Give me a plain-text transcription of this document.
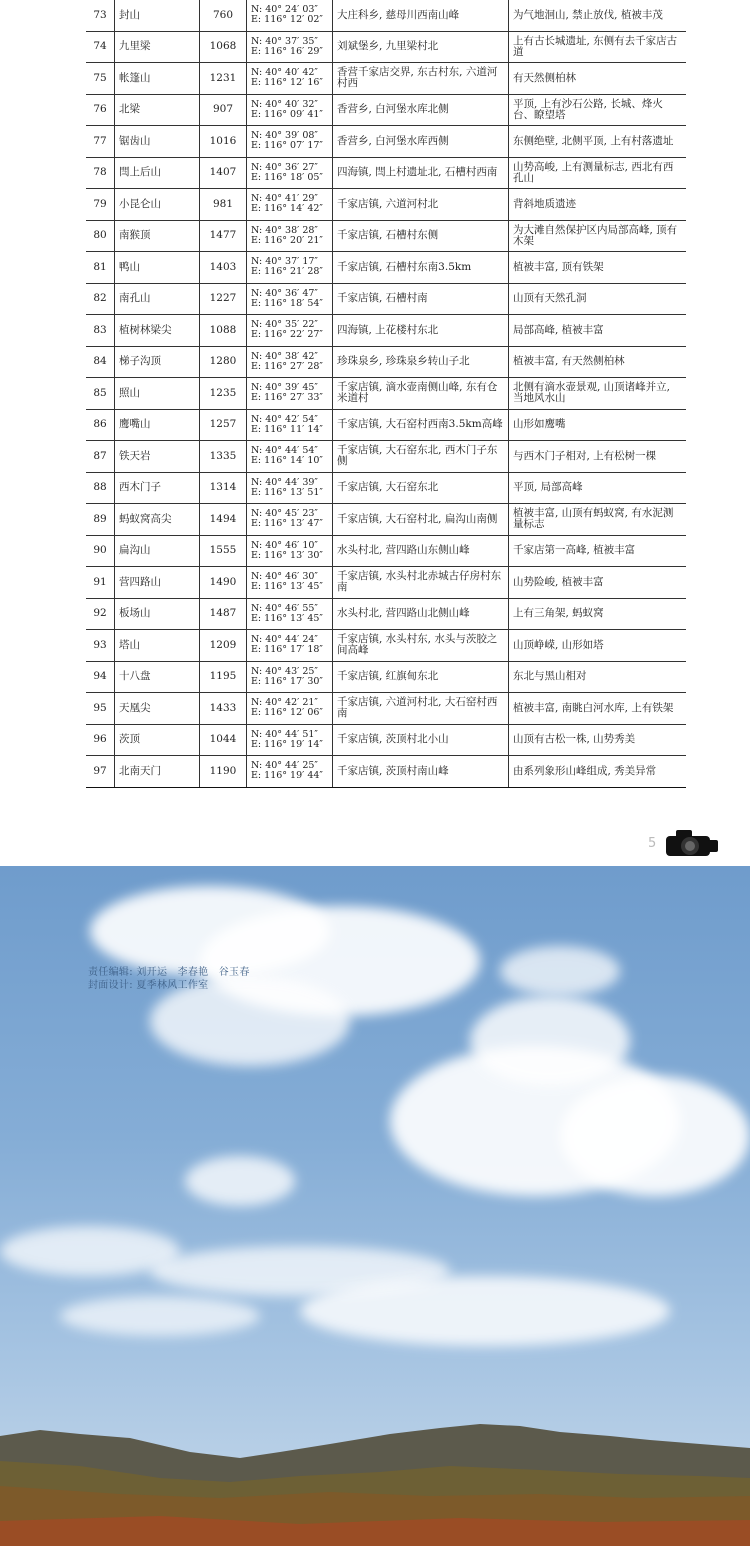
73	封山	760	N: 40° 24′ 03″
E: 116° 12′ 02″	大庄科乡, 慈母川西南山峰	为气地洄山, 禁止放伐, 植被丰茂
74	九里梁	1068	N: 40° 37′ 35″
E: 116° 16′ 29″	刘斌堡乡, 九里梁村北	上有古长城遗址, 东侧有去千家店古道
75	帐篷山	1231	N: 40° 40′ 42″
E: 116° 12′ 16″	香营千家店交界, 东古村东, 六道河村西	有天然侧柏林
76	北梁	907	N: 40° 40′ 32″
E: 116° 09′ 41″	香营乡, 白河堡水库北侧	平顶, 上有沙石公路, 长城、烽火台、瞭望塔
77	锯齿山	1016	N: 40° 39′ 08″
E: 116° 07′ 17″	香营乡, 白河堡水库西侧	东侧绝壁, 北侧平顶, 上有村落遗址
78	閆上后山	1407	N: 40° 36′ 27″
E: 116° 18′ 05″	四海镇, 閆上村遗址北, 石槽村西南	山势高峻, 上有测量标志, 西北有西孔山
79	小昆仑山	981	N: 40° 41′ 29″
E: 116° 14′ 42″	千家店镇, 六道河村北	背斜地质遗迹
80	南猴顶	1477	N: 40° 38′ 28″
E: 116° 20′ 21″	千家店镇, 石槽村东侧	为大滩自然保护区内局部高峰, 顶有木架
81	鸭山	1403	N: 40° 37′ 17″
E: 116° 21′ 28″	千家店镇, 石槽村东南3.5km	植被丰富, 顶有铁架
82	南孔山	1227	N: 40° 36′ 47″
E: 116° 18′ 54″	千家店镇, 石槽村南	山顶有天然孔洞
83	植树林梁尖	1088	N: 40° 35′ 22″
E: 116° 22′ 27″	四海镇, 上花楼村东北	局部高峰, 植被丰富
84	梯子沟顶	1280	N: 40° 38′ 42″
E: 116° 27′ 28″	珍珠泉乡, 珍珠泉乡转山子北	植被丰富, 有天然侧柏林
85	照山	1235	N: 40° 39′ 45″
E: 116° 27′ 33″	千家店镇, 滴水壶南侧山峰, 东有仓米道村	北侧有滴水壶景观, 山顶诸峰并立, 当地风水山
86	鹰嘴山	1257	N: 40° 42′ 54″
E: 116° 11′ 14″	千家店镇, 大石窑村西南3.5km高峰	山形如鹰嘴
87	铁天岩	1335	N: 40° 44′ 54″
E: 116° 14′ 10″	千家店镇, 大石窑东北, 西木门子东侧	与西木门子相对, 上有松树一棵
88	西木门子	1314	N: 40° 44′ 39″
E: 116° 13′ 51″	千家店镇, 大石窑东北	平顶, 局部高峰
89	蚂蚁窝高尖	1494	N: 40° 45′ 23″
E: 116° 13′ 47″	千家店镇, 大石窑村北, 扁沟山南侧	植被丰富, 山顶有蚂蚁窝, 有水泥测量标志
90	扁沟山	1555	N: 40° 46′ 10″
E: 116° 13′ 30″	水头村北, 营四路山东侧山峰	千家店第一高峰, 植被丰富
91	营四路山	1490	N: 40° 46′ 30″
E: 116° 13′ 45″	千家店镇, 水头村北赤城古仔房村东南	山势险峻, 植被丰富
92	板场山	1487	N: 40° 46′ 55″
E: 116° 13′ 45″	水头村北, 营四路山北侧山峰	上有三角架, 蚂蚁窝
93	塔山	1209	N: 40° 44′ 24″
E: 116° 17′ 18″	千家店镇, 水头村东, 水头与茨胶之间高峰	山顶峥嵘, 山形如塔
94	十八盘	1195	N: 40° 43′ 25″
E: 116° 17′ 30″	千家店镇, 红旗甸东北	东北与黑山相对
95	天凰尖	1433	N: 40° 42′ 21″
E: 116° 12′ 06″	千家店镇, 六道河村北, 大石窑村西南	植被丰富, 南眺白河水库, 上有铁架
96	茨顶	1044	N: 40° 44′ 51″
E: 116° 19′ 14″	千家店镇, 茨顶村北小山	山顶有古松一株, 山势秀美
97	北南天门	1190	N: 40° 44′ 25″
E: 116° 19′ 44″	千家店镇, 茨顶村南山峰	由系列象形山峰组成, 秀美异常
5
责任编辑: 刘开运　李春艳　谷玉春
封面设计: 夏季林风工作室
